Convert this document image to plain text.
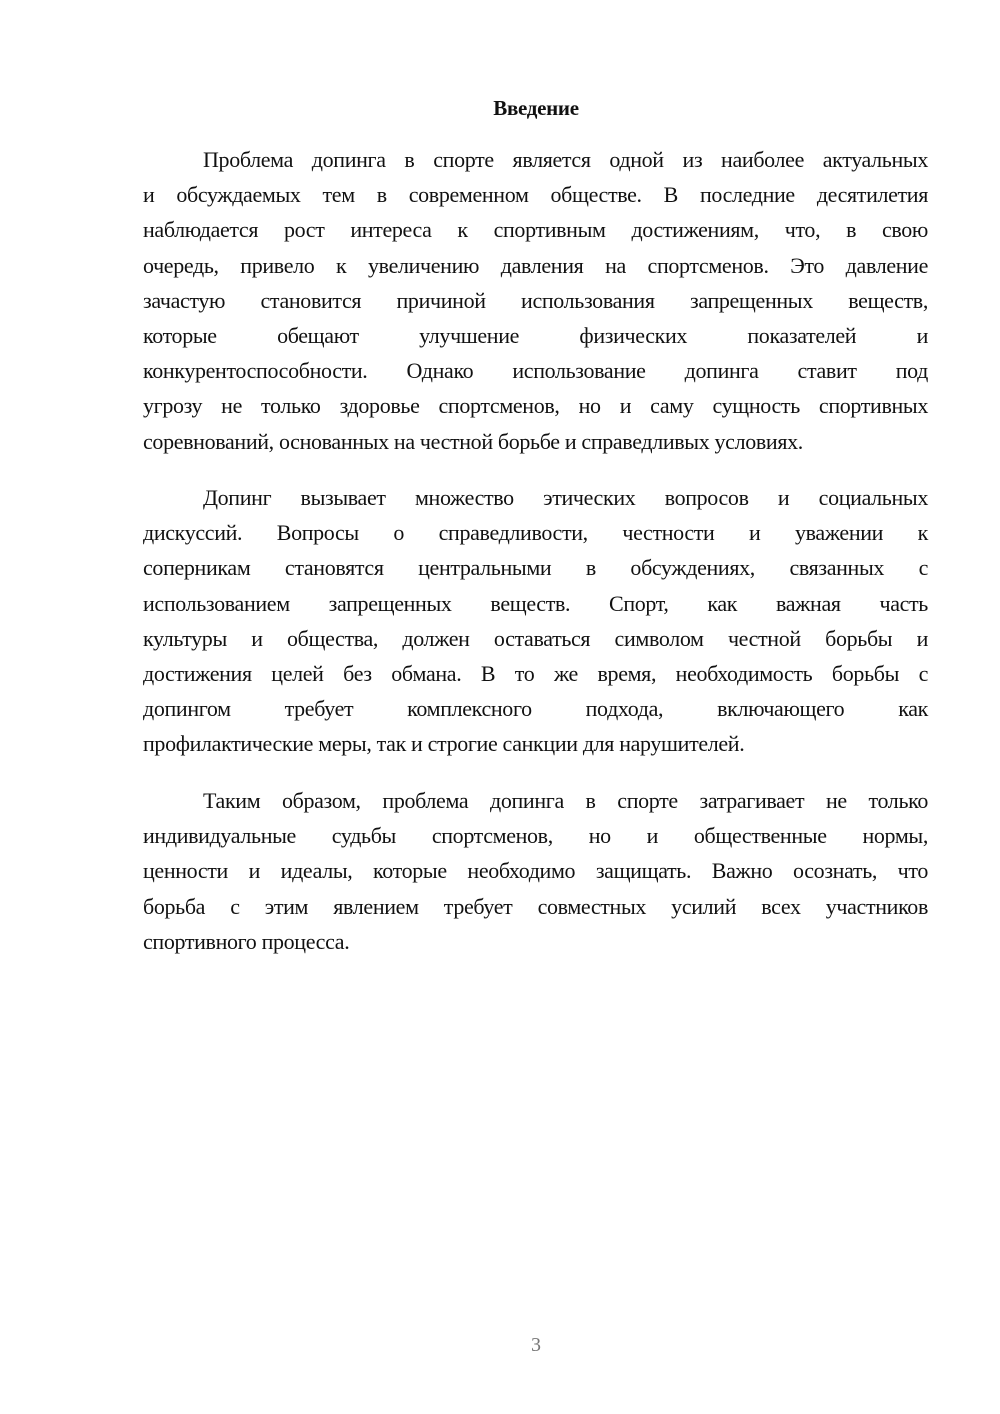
Введение
Проблема допинга в спорте является одной из наиболее актуальных
и обсуждаемых тем в современном обществе. В последние десятилетия
наблюдается рост интереса к спортивным достижениям, что, в свою
очередь, привело к увеличению давления на спортсменов. Это давление
зачастую становится причиной использования запрещенных веществ,
которые обещают улучшение физических показателей и
конкурентоспособности. Однако использование допинга ставит под
угрозу не только здоровье спортсменов, но и саму сущность спортивных
соревнований, основанных на честной борьбе и справедливых условиях.
Допинг вызывает множество этических вопросов и социальных
дискуссий. Вопросы о справедливости, честности и уважении к
соперникам становятся центральными в обсуждениях, связанных с
использованием запрещенных веществ. Спорт, как важная часть
культуры и общества, должен оставаться символом честной борьбы и
достижения целей без обмана. В то же время, необходимость борьбы с
допингом требует комплексного подхода, включающего как
профилактические меры, так и строгие санкции для нарушителей.
Таким образом, проблема допинга в спорте затрагивает не только
индивидуальные судьбы спортсменов, но и общественные нормы,
ценности и идеалы, которые необходимо защищать. Важно осознать, что
борьба с этим явлением требует совместных усилий всех участников
спортивного процесса.
3
